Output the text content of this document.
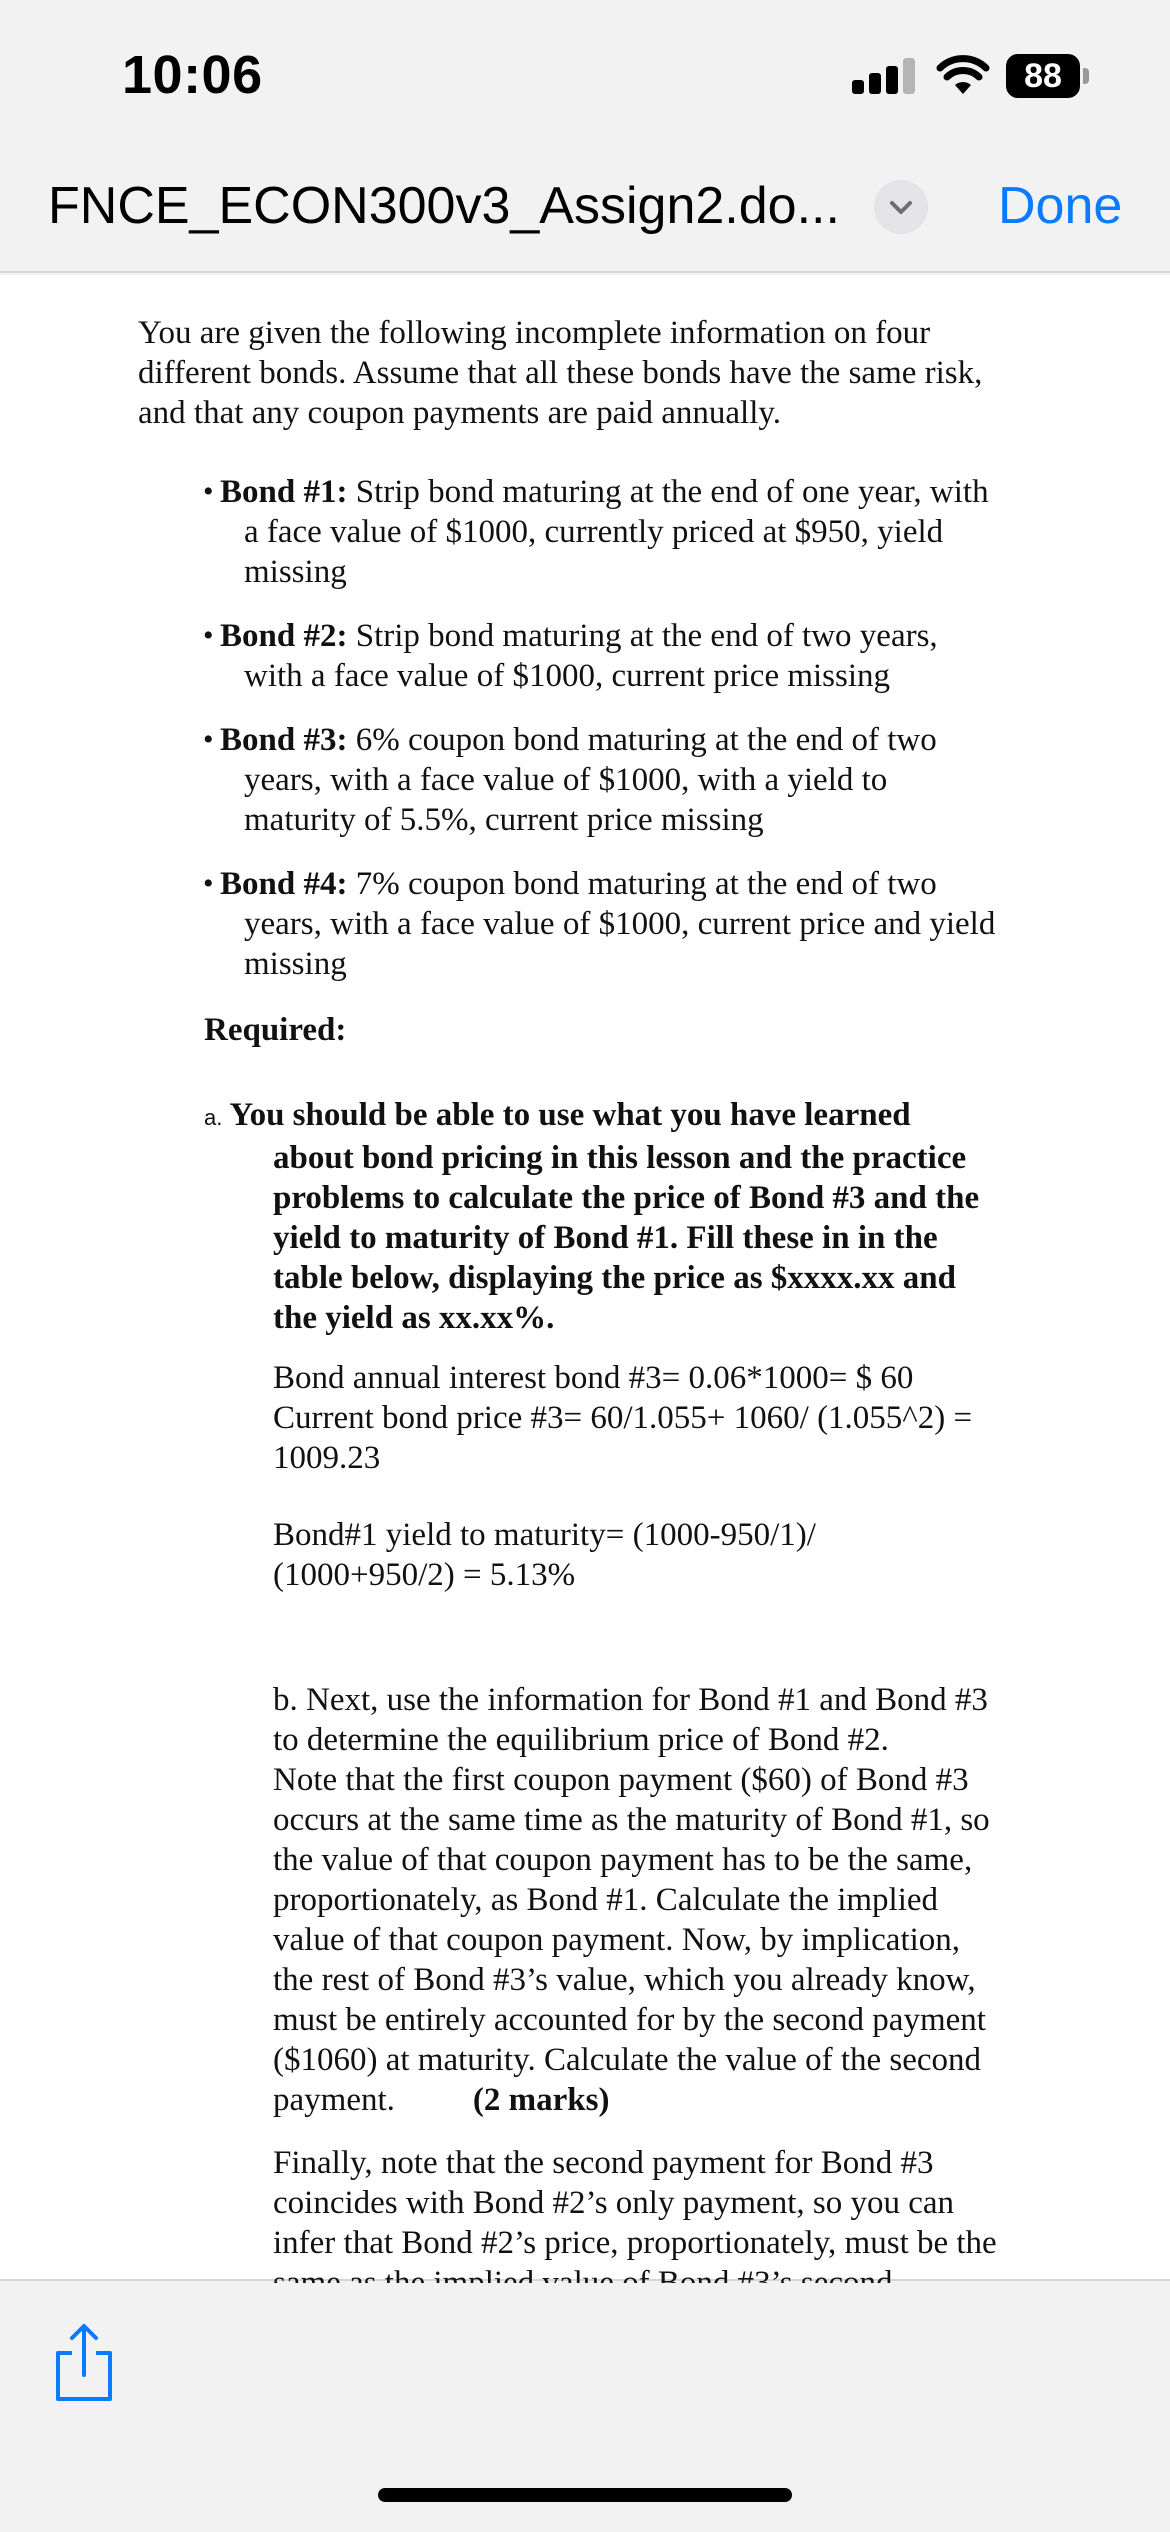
10:06	88
FNCE_ECON300v3_Assign2.do...	Done
You are given the following incomplete information on four
different bonds. Assume that all these bonds have the same risk,
and that any coupon payments are paid annually.
• Bond #1: Strip bond maturing at the end of one year, with
a face value of $1000, currently priced at $950, yield
missing
• Bond #2: Strip bond maturing at the end of two years,
with a face value of $1000, current price missing
• Bond #3: 6% coupon bond maturing at the end of two
years, with a face value of $1000, with a yield to
maturity of 5.5%, current price missing
• Bond #4: 7% coupon bond maturing at the end of two
years, with a face value of $1000, current price and yield
missing
Required:
a. You should be able to use what you have learned
about bond pricing in this lesson and the practice
problems to calculate the price of Bond #3 and the
yield to maturity of Bond #1. Fill these in in the
table below, displaying the price as $xxxx.xx and
the yield as xx.xx%.
Bond annual interest bond #3= 0.06*1000= $ 60
Current bond price #3= 60/1.055+ 1060/ (1.055^2) =
1009.23
Bond#1 yield to maturity= (1000-950/1)/
(1000+950/2) = 5.13%
b. Next, use the information for Bond #1 and Bond #3
to determine the equilibrium price of Bond #2.
Note that the first coupon payment ($60) of Bond #3
occurs at the same time as the maturity of Bond #1, so
the value of that coupon payment has to be the same,
proportionately, as Bond #1. Calculate the implied
value of that coupon payment. Now, by implication,
the rest of Bond #3’s value, which you already know,
must be entirely accounted for by the second payment
($1060) at maturity. Calculate the value of the second
payment. (2 marks)
Finally, note that the second payment for Bond #3
coincides with Bond #2’s only payment, so you can
infer that Bond #2’s price, proportionately, must be the
